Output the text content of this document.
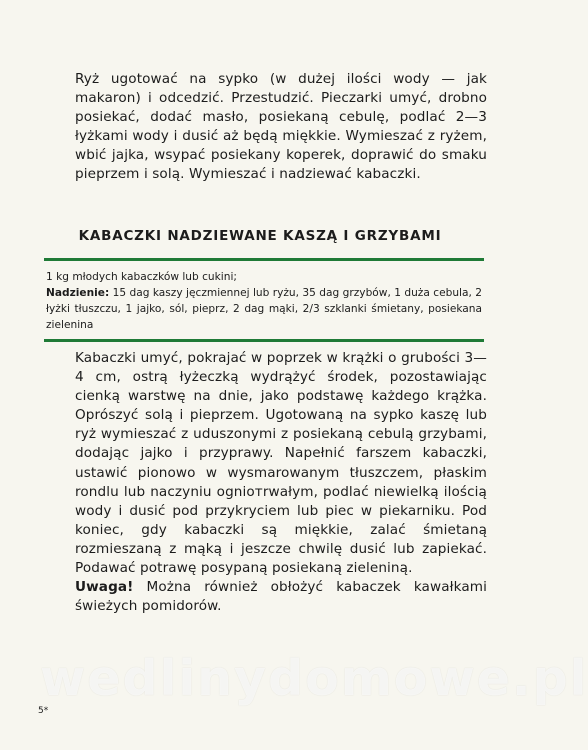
Ryż ugotować na sypko (w dużej ilości wody — jak makaron) i odcedzić. Przestudzić. Pieczarki umyć, drobno posiekać, dodać masło, posiekaną cebulę, podlać 2—3 łyżkami wody i dusić aż będą miękkie. Wymieszać z ryżem, wbić jajka, wsypać posiekany koperek, doprawić do smaku pieprzem i solą. Wymieszać i nadziewać kabaczki.

KABACZKI NADZIEWANE KASZĄ I GRZYBAMI
1 kg młodych kabaczków lub cukini;
Nadzienie: 15 dag kaszy jęczmiennej lub ryżu, 35 dag grzybów, 1 duża cebula, 2 łyżki tłuszczu, 1 jajko, sól, pieprz, 2 dag mąki, 2/3 szklanki śmietany, posiekana zielenina

Kabaczki umyć, pokrajać w poprzek w krążki o grubości 3—4 cm, ostrą łyżeczką wydrążyć środek, pozostawiając cienką warstwę na dnie, jako podstawę każdego krążka. Oprószyć solą i pieprzem. Ugotowaną na sypko kaszę lub ryż wymieszać z uduszonymi z posiekaną cebulą grzybami, dodając jajko i przyprawy. Napełnić farszem kabaczki, ustawić pionowo w wysmarowanym tłuszczem, płaskim rondlu lub naczyniu ognioтrwałym, podlać niewielką ilością wody i dusić pod przykryciem lub piec w piekarniku. Pod koniec, gdy kabaczki są miękkie, zalać śmietaną rozmieszaną z mąką i jeszcze chwilę dusić lub zapiekać. Podawać potrawę posypaną posiekaną zieleniną.

Uwaga! Można również obłożyć kabaczek kawałkami świeżych pomidorów.

wedlinydomowe.pl

5*
